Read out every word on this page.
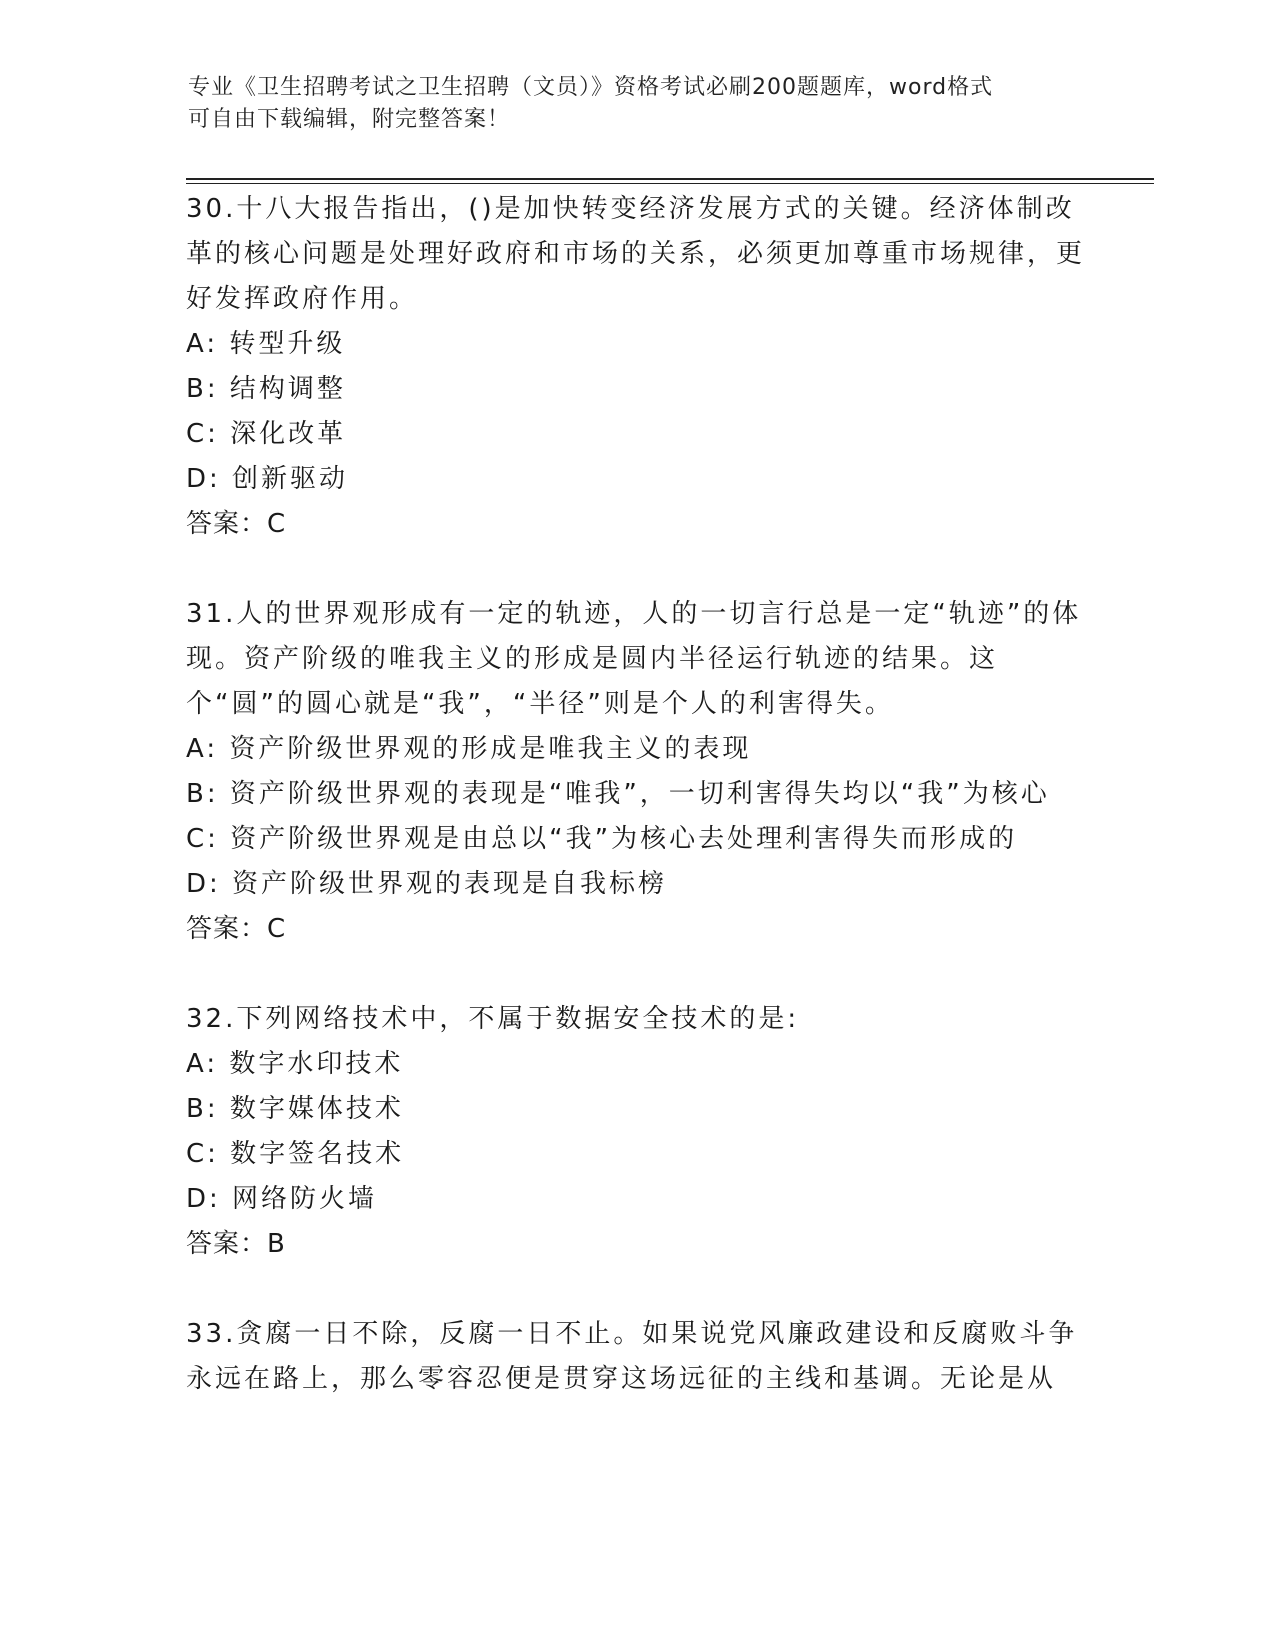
专业《卫生招聘考试之卫生招聘（文员）》资格考试必刷200题题库，word格式
可自由下载编辑，附完整答案！

30.十八大报告指出，()是加快转变经济发展方式的关键。经济体制改革的核心问题是处理好政府和市场的关系，必须更加尊重市场规律，更好发挥政府作用。

A: 转型升级

B: 结构调整

C: 深化改革

D: 创新驱动

答案：C

31.人的世界观形成有一定的轨迹，人的一切言行总是一定“轨迹”的体现。资产阶级的唯我主义的形成是圆内半径运行轨迹的结果。这个“圆”的圆心就是“我”，“半径”则是个人的利害得失。

A: 资产阶级世界观的形成是唯我主义的表现

B: 资产阶级世界观的表现是“唯我”，一切利害得失均以“我”为核心

C: 资产阶级世界观是由总以“我”为核心去处理利害得失而形成的

D: 资产阶级世界观的表现是自我标榜

答案：C

32.下列网络技术中，不属于数据安全技术的是:

A: 数字水印技术

B: 数字媒体技术

C: 数字签名技术

D: 网络防火墙

答案：B

33.贪腐一日不除，反腐一日不止。如果说党风廉政建设和反腐败斗争永远在路上，那么零容忍便是贯穿这场远征的主线和基调。无论是从
